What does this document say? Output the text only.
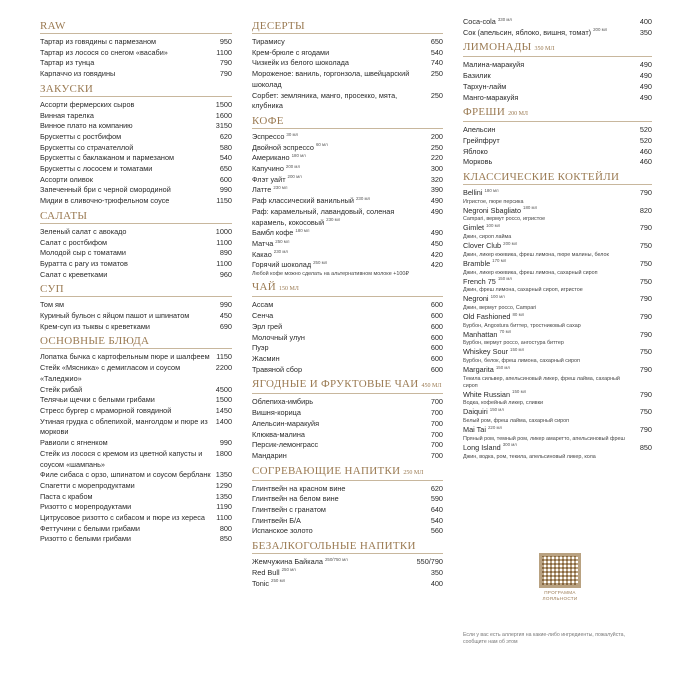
RAW
Тартар из говядины с пармезаном	950
Тартар из лосося со снегом «васаби»	1100
Тартар из тунца	790
Карпаччо из говядины	790
ЗАКУСКИ
Ассорти фермерских сыров	1500
Винная тарелка	1600
Винное плато на компанию	3150
Брускетты с ростбифом	620
Брускетты со страчателлой	580
Брускетты с баклажаном и пармезаном	540
Брускетты с лососем и томатами	650
Ассорти оливок	600
Запеченный бри с черной смородиной	990
Мидии в сливочно-трюфельном соусе	1150
САЛАТЫ
Зеленый салат с авокадо	1000
Салат с ростбифом	1100
Молодой сыр с томатами	890
Буратта с рагу из томатов	1100
Салат с креветками	960
СУП
Том ям	990
Куриный бульон с яйцом пашот и шпинатом	450
Крем-суп из тыквы с креветками	690
ОСНОВНЫЕ БЛЮДА
Лопатка бычка с картофельным пюре и шалфеем 1150
Стейк «Мясника» с демигласом и соусом «Таледжио»
2200
Стейк рибай	4500
Телячьи щечки с белыми грибами	1500
Стресс бургер с мраморной говядиной	1450
Утиная грудка с облепихой, манголдом и пюре из моркови
1400
Равиоли с ягненком	990
Стейк из лосося с кремом из цветной капусты и соусом «шампань»
1800
Филе сибаса с орзо, шпинатом и соусом бербланк 1350
Спагетти с морепродуктами	1290
Паста с крабом	1350
Ризотто с морепродуктами	1190
Цитрусовое ризотто с сибасом и пюре из хереса	1100
Феттучини с белыми грибами	800
Ризотто с белыми грибами	850
ДЕСЕРТЫ
Тирамису	650
Крем-брюле с ягодами	540
Чизкейк из белого шоколада	740
Мороженое: ваниль, горгонзола, швейцарский шоколад
250
Сорбет: земляника, манго, просекко, мята, клубника
250
КОФЕ
Эспрессо $^{30 мл}$	200
Двойной эспрессо $^{60 мл}$	250
Американо $^{180 мл}$	220
Капучино $^{200 мл}$	300
Флэт уайт $^{200 мл}$	320
Латте $^{230 мл}$	390
Раф классический ванильный $^{230 мл}$	490
Раф: карамельный, лавандовый, соленая карамель, кокосовый $^{230 мл}$
490
Бамбл кофе $^{180 мл}$	490
Матча $^{250 мл}$	450
Какао $^{230 мл}$	420
Горячий шоколад $^{250 мл}$	420
Любой кофе можно сделать на альтернативном молоке +100₽
ЧАЙ 150 МЛ
Ассам	600
Сенча	600
Эрл грей	600
Молочный улун	600
Пуэр	600
Жасмин	600
Травяной сбор	600
ЯГОДНЫЕ И ФРУКТОВЫЕ ЧАИ 450 МЛ
Облепиха-имбирь	700
Вишня-корица	700
Апельсин-маракуйя	700
Клюква-малина	700
Персик-лемонграсс	700
Мандарин	700
СОГРЕВАЮЩИЕ НАПИТКИ 250 МЛ
Глинтвейн на красном вине	620
Глинтвейн на белом вине	590
Глинтвейн с гранатом	640
Глинтвейн Б/А	540
Испанское золото	560
БЕЗАЛКОГОЛЬНЫЕ НАПИТКИ
Жемчужина Байкала $^{250/750 мл}$	550/790
Red Bull $^{250 мл}$	350
Tonic $^{250 мл}$	400
Coca-cola $^{330 мл}$	400
Сок (апельсин, яблоко, вишня, томат) $^{200 мл}$	350
ЛИМОНАДЫ 350 МЛ
Малина-маракуйя	490
Базилик	490
Тархун-лайм	490
Манго-маракуйя	490
ФРЕШИ 200 МЛ
Апельсин	520
Грейпфрут	520
Яблоко	460
Морковь	460
КЛАССИЧЕСКИЕ КОКТЕЙЛИ
Bellini $^{180 мл}$
Игристое, пюре персика
790
Negroni Sbagliato $^{180 мл}$
Campari, вермут россо, игристое
820
Gimlet $^{100 мл}$
Джин, сироп лайма
790
Clover Club $^{200 мл}$
Джин, ликер ежевика, фреш лимона, пюре малины, белок
750
Bramble $^{170 мл}$
Джин, ликер ежевика, фреш лимона, сахарный сироп
750
French 75 $^{150 мл}$
Джин, фреш лимона, сахарный сироп, игристое
750
Negroni $^{100 мл}$
Джин, вермут россо, Campari
790
Old Fashioned $^{80 мл}$
Бурбон, Angostura биттер, тростниковый сахар
790
Manhattan $^{70 мл}$
Бурбон, вермут россо, ангостура биттер
790
Whiskey Sour $^{150 мл}$
Бурбон, белок, фреш лимона, сахарный сироп
750
Margarita $^{150 мл}$
Текила сильвер, апельсиновый ликер, фреш лайма, сахарный сироп
790
White Russian $^{150 мл}$
Водка, кофейный ликер, сливки
790
Daiquiri $^{150 мл}$
Белый ром, фреш лайма, сахарный сироп
750
Mai Tai $^{220 мл}$
Пряный ром, темный ром, ликер амаретто, апельсиновый фреш
790
Long Island $^{300 мл}$
Джин, водка, ром, текила, апельсиновый ликер, кола
850
ПРОГРАММА ЛОЯЛЬНОСТИ
Если у вас есть аллергия на какие-либо ингредиенты, пожалуйста, сообщите нам об этом
